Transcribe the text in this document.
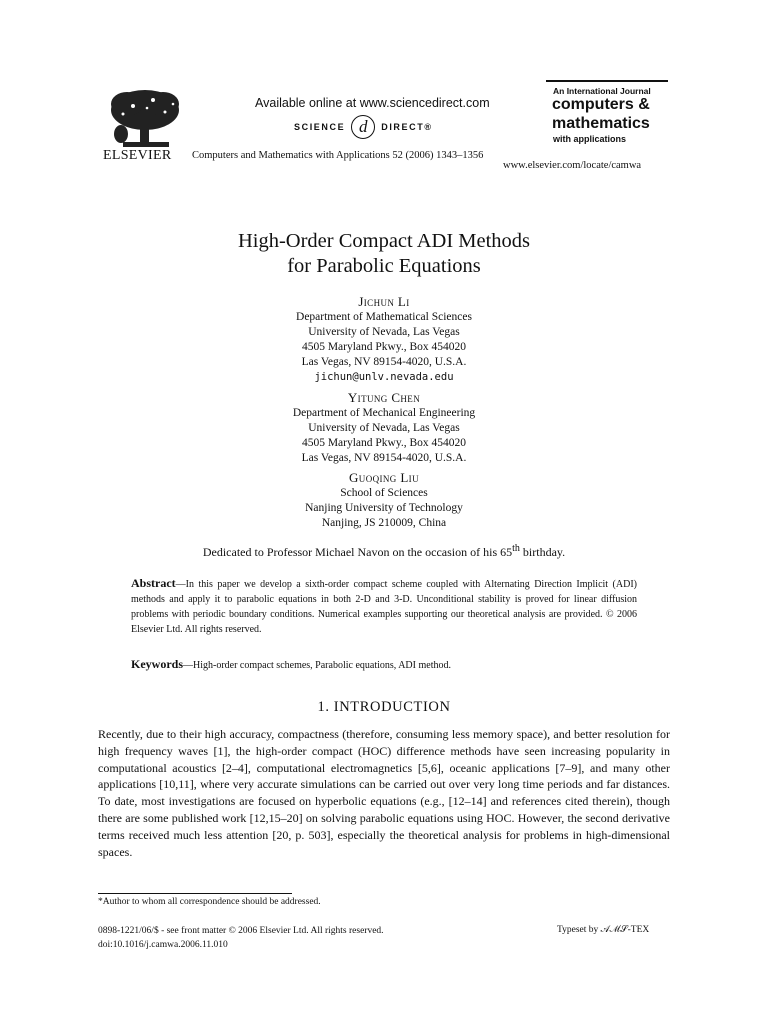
ELSEVIER
Available online at www.sciencedirect.com
SCIENCE d	DIRECT®
Computers and Mathematics with Applications 52 (2006) 1343–1356
An International Journal
computers &
mathematics
with applications
www.elsevier.com/locate/camwa
High-Order Compact ADI Methods
for Parabolic Equations
Jichun Li
Department of Mathematical Sciences
University of Nevada, Las Vegas
4505 Maryland Pkwy., Box 454020
Las Vegas, NV 89154-4020, U.S.A.
jichun@unlv.nevada.edu
Yitung Chen
Department of Mechanical Engineering
University of Nevada, Las Vegas
4505 Maryland Pkwy., Box 454020
Las Vegas, NV 89154-4020, U.S.A.
Guoqing Liu
School of Sciences
Nanjing University of Technology
Nanjing, JS 210009, China
Dedicated to Professor Michael Navon on the occasion of his 65th birthday.
Abstract—In this paper we develop a sixth-order compact scheme coupled with Alternating Direction Implicit (ADI) methods and apply it to parabolic equations in both 2-D and 3-D. Unconditional stability is proved for linear diffusion problems with periodic boundary conditions. Numerical examples supporting our theoretical analysis are provided. © 2006 Elsevier Ltd. All rights reserved.
Keywords—High-order compact schemes, Parabolic equations, ADI method.
1. INTRODUCTION
Recently, due to their high accuracy, compactness (therefore, consuming less memory space), and better resolution for high frequency waves [1], the high-order compact (HOC) difference methods have seen increasing popularity in computational acoustics [2–4], computational electromagnetics [5,6], oceanic applications [7–9], and many other applications [10,11], where very accurate simulations can be carried out over very long time periods and far distances. To date, most investigations are focused on hyperbolic equations (e.g., [12–14] and references cited therein), though there are some published work [12,15–20] on solving parabolic equations using HOC. However, the second derivative terms received much less attention [20, p. 503], especially the theoretical analysis for problems in high-dimensional spaces.
*Author to whom all correspondence should be addressed.
0898-1221/06/$ - see front matter © 2006 Elsevier Ltd. All rights reserved.
doi:10.1016/j.camwa.2006.11.010
Typeset by 𝒜ℳ𝒮-TEX
